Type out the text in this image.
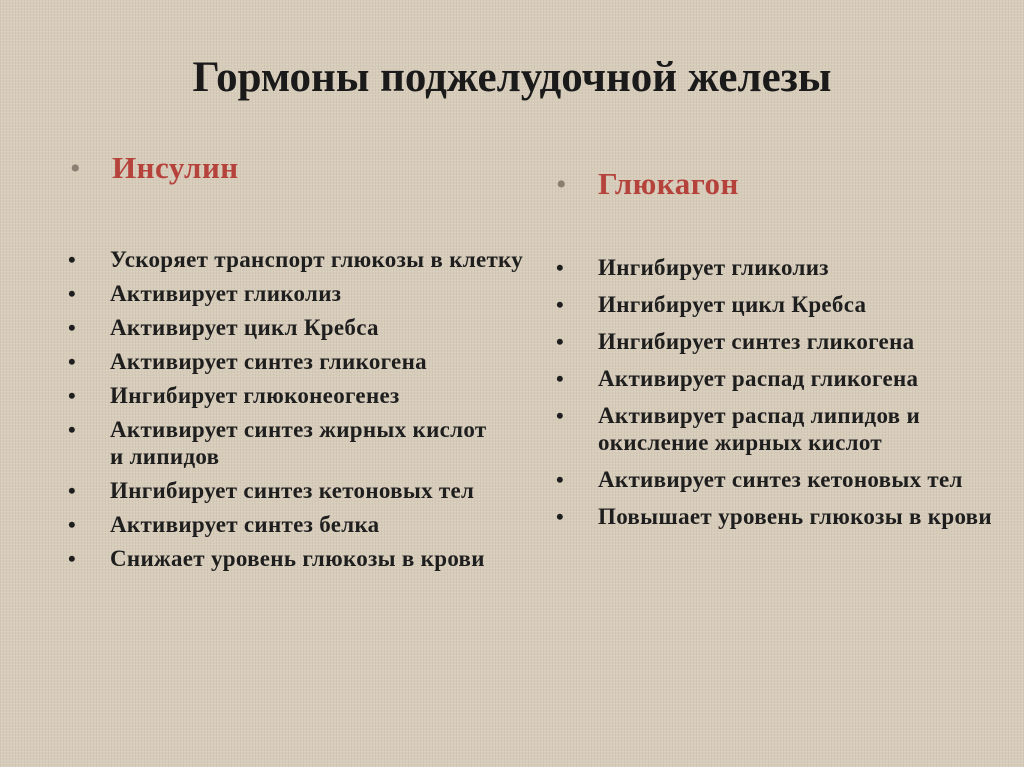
Гормоны поджелудочной железы
•	Инсулин
•	Ускоряет транспорт глюкозы в клетку
•	Активирует гликолиз
•	Активирует цикл Кребса
•	Активирует синтез гликогена
•	Ингибирует глюконеогенез
•	Активирует синтез жирных кислот и липидов
•	Ингибирует синтез кетоновых тел
•	Активирует синтез белка
•	Снижает уровень глюкозы в крови
•	Глюкагон
•	Ингибирует гликолиз
•	Ингибирует цикл Кребса
•	Ингибирует синтез гликогена
•	Активирует распад гликогена
•	Активирует распад липидов и окисление жирных кислот
•	Активирует синтез кетоновых тел
•	Повышает уровень глюкозы в крови
